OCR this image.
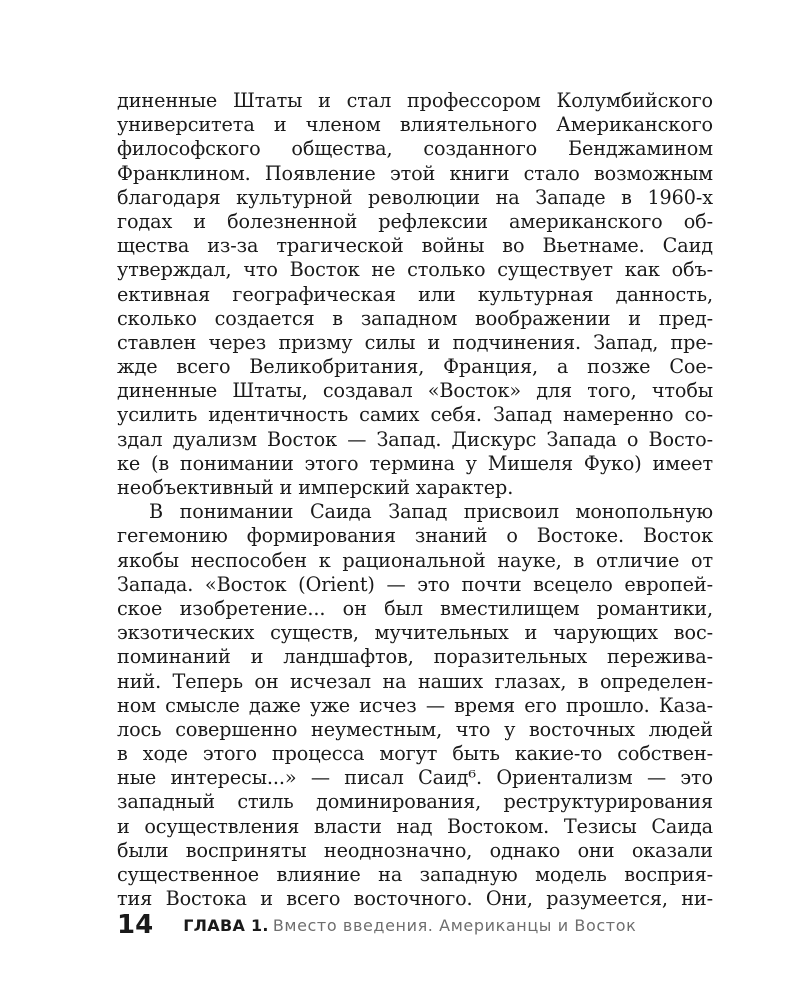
диненные Штаты и стал профессором Колумбийского
университета и членом влиятельного Американского
философского общества, созданного Бенджамином
Франклином. Появление этой книги стало возможным
благодаря культурной революции на Западе в 1960-х
годах и болезненной рефлексии американского об-
щества из-за трагической войны во Вьетнаме. Саид
утверждал, что Восток не столько существует как объ-
ективная географическая или культурная данность,
сколько создается в западном воображении и пред-
ставлен через призму силы и подчинения. Запад, пре-
жде всего Великобритания, Франция, а позже Сое-
диненные Штаты, создавал «Восток» для того, чтобы
усилить идентичность самих себя. Запад намеренно со-
здал дуализм Восток — Запад. Дискурс Запада о Восто-
ке (в понимании этого термина у Мишеля Фуко) имеет
необъективный и имперский характер.
В понимании Саида Запад присвоил монопольную
гегемонию формирования знаний о Востоке. Восток
якобы неспособен к рациональной науке, в отличие от
Запада. «Восток (Orient) — это почти всецело европей-
ское изобретение... он был вместилищем романтики,
экзотических существ, мучительных и чарующих вос-
поминаний и ландшафтов, поразительных пережива-
ний. Теперь он исчезал на наших глазах, в определен-
ном смысле даже уже исчез — время его прошло. Каза-
лось совершенно неуместным, что у восточных людей
в ходе этого процесса могут быть какие-то собствен-
ные интересы...» — писал Саид⁶. Ориентализм — это
западный стиль доминирования, реструктурирования
и осуществления власти над Востоком. Тезисы Саида
были восприняты неоднозначно, однако они оказали
существенное влияние на западную модель восприя-
тия Востока и всего восточного. Они, разумеется, ни-
14 ГЛАВА 1.
Вместо введения. Американцы и Восток
